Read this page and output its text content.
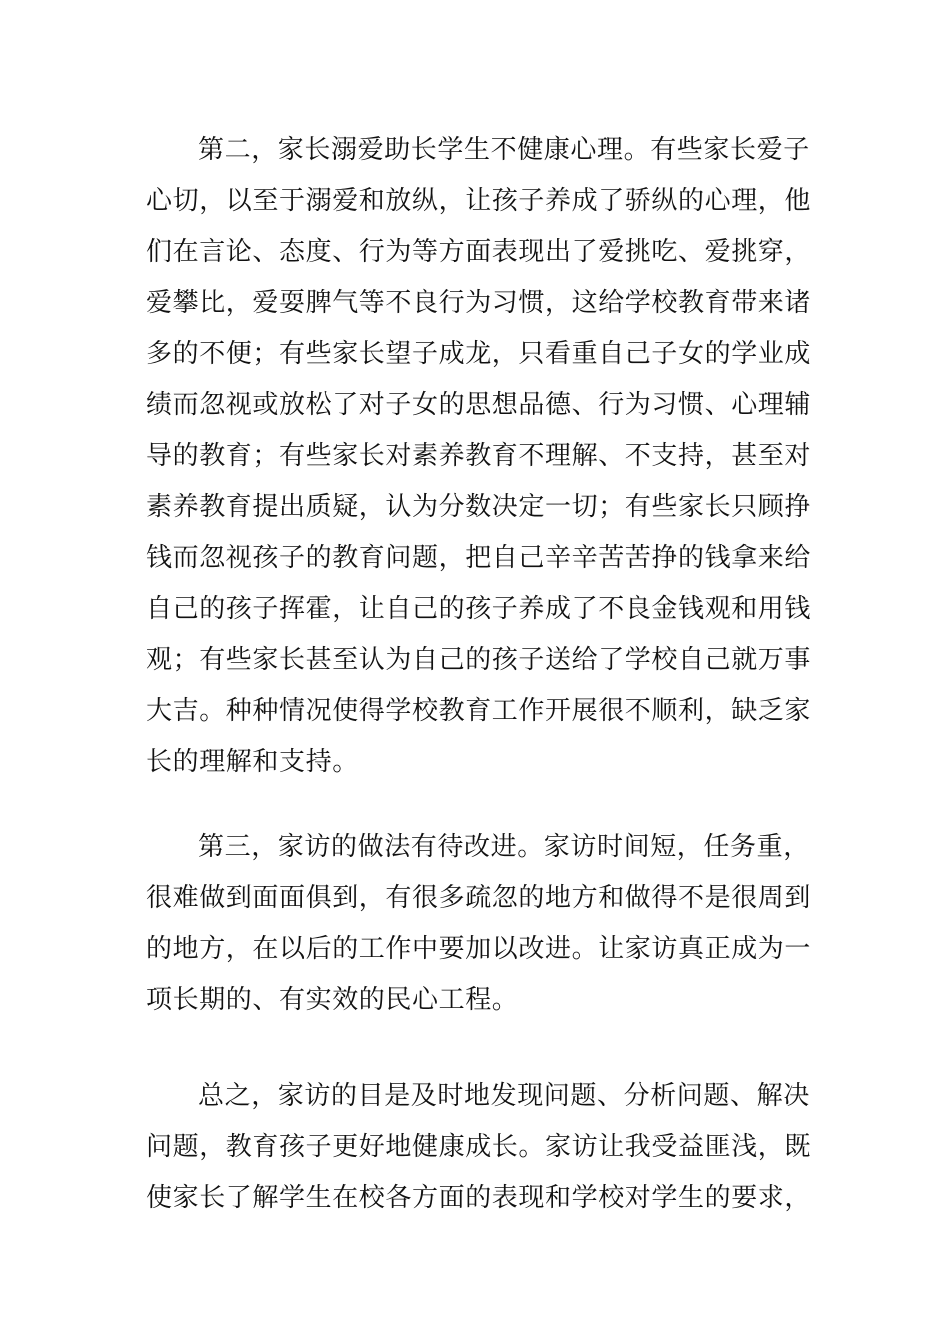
第二，家长溺爱助长学生不健康心理。有些家长爱子
心切，以至于溺爱和放纵，让孩子养成了骄纵的心理，他
们在言论、态度、行为等方面表现出了爱挑吃、爱挑穿，
爱攀比，爱耍脾气等不良行为习惯，这给学校教育带来诸
多的不便；有些家长望子成龙，只看重自己子女的学业成
绩而忽视或放松了对子女的思想品德、行为习惯、心理辅
导的教育；有些家长对素养教育不理解、不支持，甚至对
素养教育提出质疑，认为分数决定一切；有些家长只顾挣
钱而忽视孩子的教育问题，把自己辛辛苦苦挣的钱拿来给
自己的孩子挥霍，让自己的孩子养成了不良金钱观和用钱
观；有些家长甚至认为自己的孩子送给了学校自己就万事
大吉。种种情况使得学校教育工作开展很不顺利，缺乏家
长的理解和支持。
第三，家访的做法有待改进。家访时间短，任务重，
很难做到面面俱到，有很多疏忽的地方和做得不是很周到
的地方，在以后的工作中要加以改进。让家访真正成为一
项长期的、有实效的民心工程。
总之，家访的目是及时地发现问题、分析问题、解决
问题，教育孩子更好地健康成长。家访让我受益匪浅，既
使家长了解学生在校各方面的表现和学校对学生的要求，
